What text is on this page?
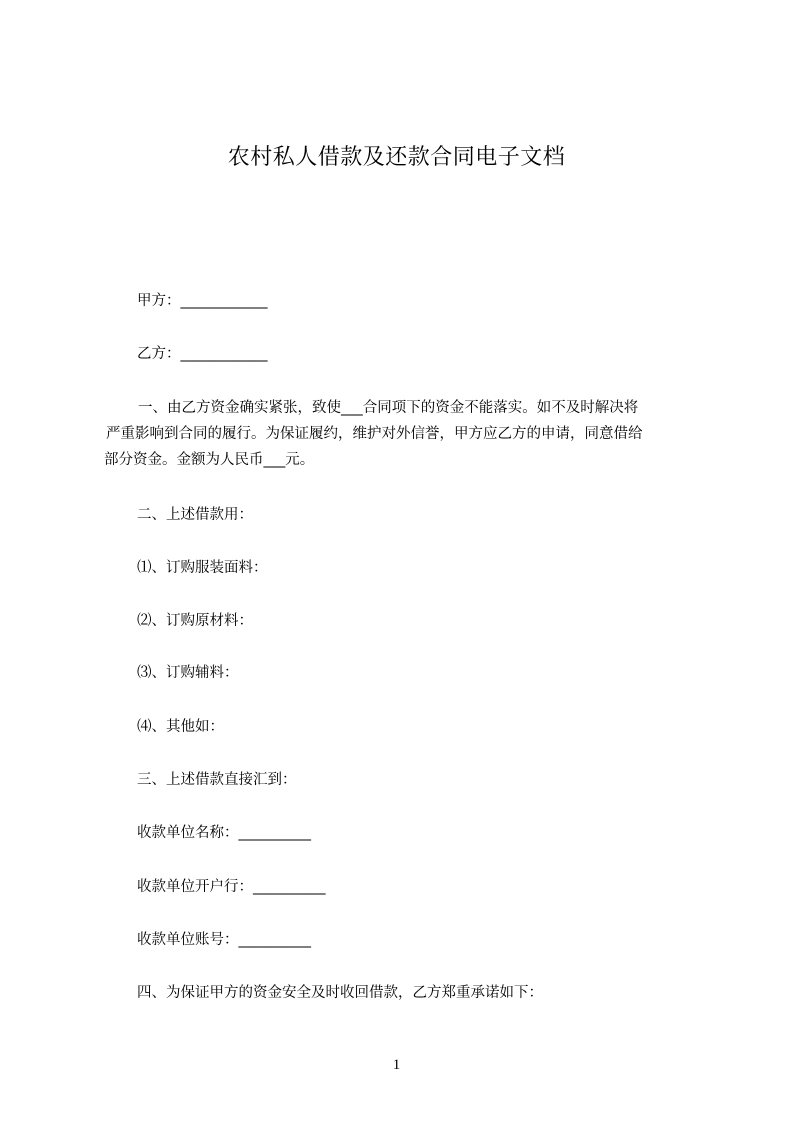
农村私人借款及还款合同电子文档
甲方：____________
乙方：____________
一、由乙方资金确实紧张，致使___合同项下的资金不能落实。如不及时解决将
严重影响到合同的履行。为保证履约，维护对外信誉，甲方应乙方的申请，同意借给
部分资金。金额为人民币___元。
二、上述借款用：
⑴、订购服装面料：
⑵、订购原材料：
⑶、订购辅料：
⑷、其他如：
三、上述借款直接汇到：
收款单位名称：__________
收款单位开户行：__________
收款单位账号：__________
四、为保证甲方的资金安全及时收回借款，乙方郑重承诺如下：
1
